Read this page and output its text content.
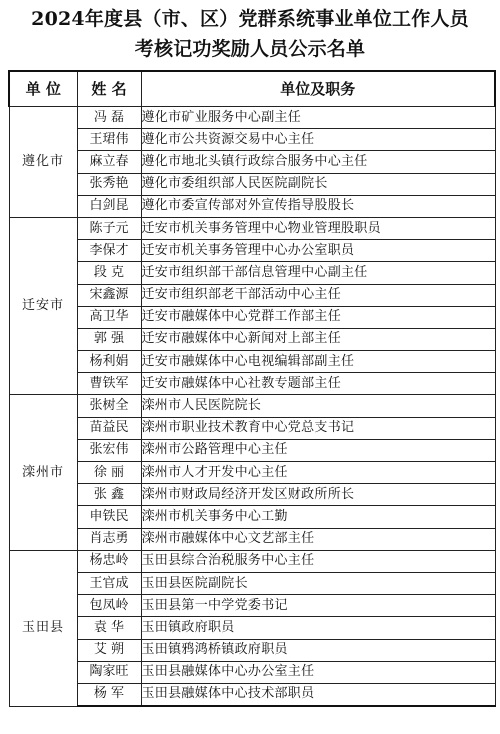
2024年度县（市、区）党群系统事业单位工作人员
考核记功奖励人员公示名单
单 位	姓 名	单位及职务
遵化市	冯 磊	遵化市矿业服务中心副主任
	王珺伟	遵化市公共资源交易中心主任
	麻立春	遵化市地北头镇行政综合服务中心主任
	张秀艳	遵化市委组织部人民医院副院长
	白剑昆	遵化市委宣传部对外宣传指导股股长
迁安市	陈子元	迁安市机关事务管理中心物业管理股职员
	李保才	迁安市机关事务管理中心办公室职员
	段 克	迁安市组织部干部信息管理中心副主任
	宋鑫源	迁安市组织部老干部活动中心主任
	高卫华	迁安市融媒体中心党群工作部主任
	郭 强	迁安市融媒体中心新闻对上部主任
	杨利娟	迁安市融媒体中心电视编辑部副主任
	曹铁军	迁安市融媒体中心社教专题部主任
滦州市	张树全	滦州市人民医院院长
	苗益民	滦州市职业技术教育中心党总支书记
	张宏伟	滦州市公路管理中心主任
	徐 丽	滦州市人才开发中心主任
	张 鑫	滦州市财政局经济开发区财政所所长
	申铁民	滦州市机关事务中心工勤
	肖志勇	滦州市融媒体中心文艺部主任
玉田县	杨忠岭	玉田县综合治税服务中心主任
	王官成	玉田县医院副院长
	包凤岭	玉田县第一中学党委书记
	袁 华	玉田镇政府职员
	艾 朔	玉田镇鸦鸿桥镇政府职员
	陶家旺	玉田县融媒体中心办公室主任
	杨 军	玉田县融媒体中心技术部职员
